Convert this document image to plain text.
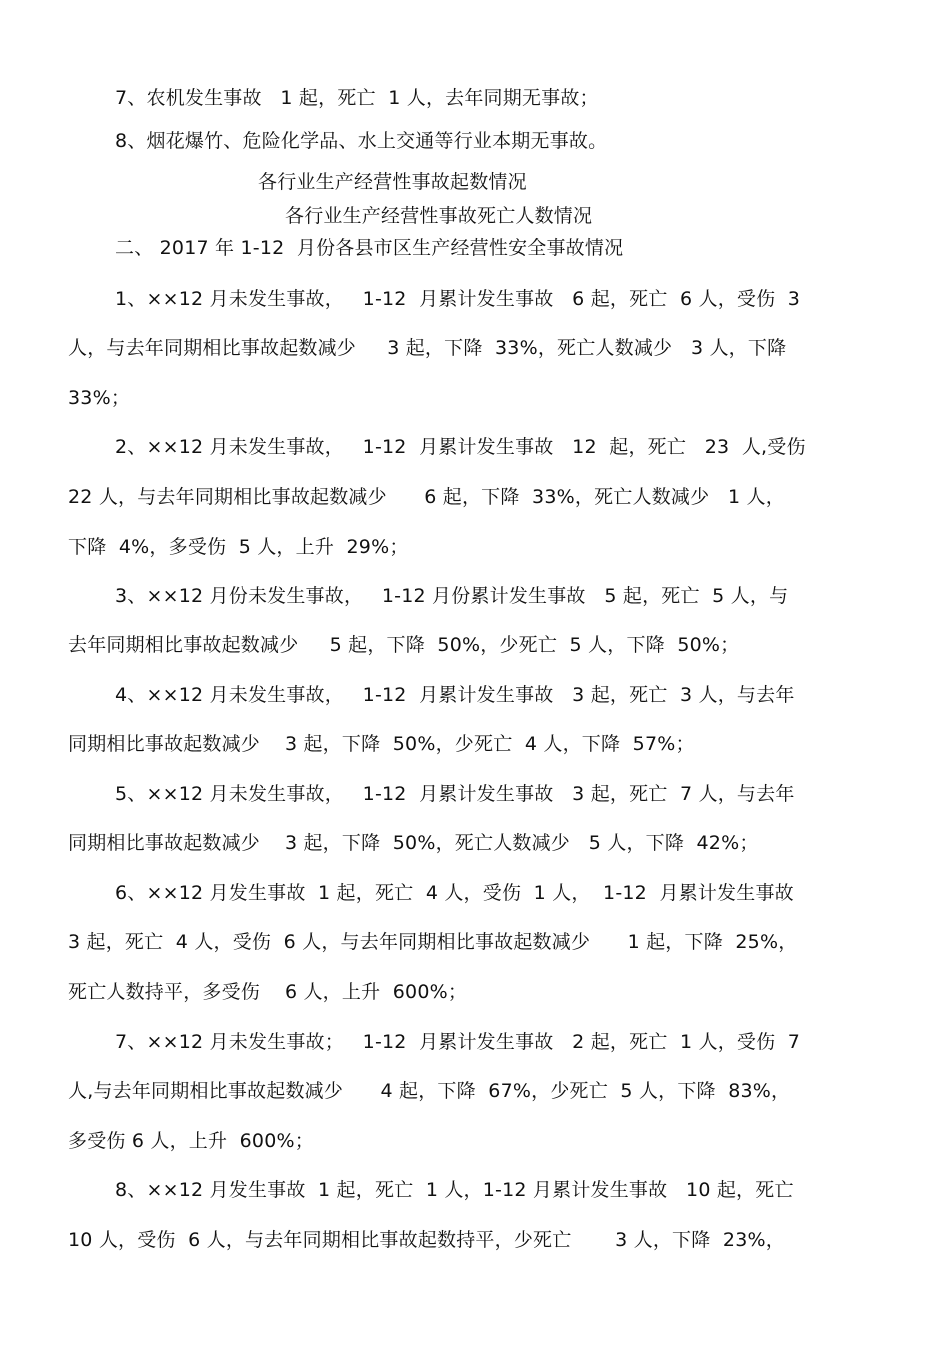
7、农机发生事故   1 起，死亡  1 人，去年同期无事故；
8、烟花爆竹、危险化学品、水上交通等行业本期无事故。
各行业生产经营性事故起数情况
各行业生产经营性事故死亡人数情况
二、 2017 年 1-12  月份各县市区生产经营性安全事故情况
1、××12 月未发生事故，   1-12  月累计发生事故   6 起，死亡  6 人，受伤  3
人，与去年同期相比事故起数减少     3 起，下降  33%，死亡人数减少   3 人，下降
33%；
2、××12 月未发生事故，   1-12  月累计发生事故   12  起，死亡   23  人,受伤
22 人，与去年同期相比事故起数减少      6 起，下降  33%，死亡人数减少   1 人，
下降  4%，多受伤  5 人，上升  29%；
3、××12 月份未发生事故，   1-12 月份累计发生事故   5 起，死亡  5 人，与
去年同期相比事故起数减少     5 起，下降  50%，少死亡  5 人，下降  50%；
4、××12 月未发生事故，   1-12  月累计发生事故   3 起，死亡  3 人，与去年
同期相比事故起数减少    3 起，下降  50%，少死亡  4 人，下降  57%；
5、××12 月未发生事故，   1-12  月累计发生事故   3 起，死亡  7 人，与去年
同期相比事故起数减少    3 起，下降  50%，死亡人数减少   5 人，下降  42%；
6、××12 月发生事故  1 起，死亡  4 人，受伤  1 人，  1-12  月累计发生事故
3 起，死亡  4 人，受伤  6 人，与去年同期相比事故起数减少      1 起，下降  25%，
死亡人数持平，多受伤    6 人，上升  600%；
7、××12 月未发生事故；   1-12  月累计发生事故   2 起，死亡  1 人，受伤  7
人,与去年同期相比事故起数减少      4 起，下降  67%，少死亡  5 人，下降  83%，
多受伤 6 人，上升  600%；
8、××12 月发生事故  1 起，死亡  1 人，1-12 月累计发生事故   10 起，死亡
10 人，受伤  6 人，与去年同期相比事故起数持平，少死亡       3 人，下降  23%，
